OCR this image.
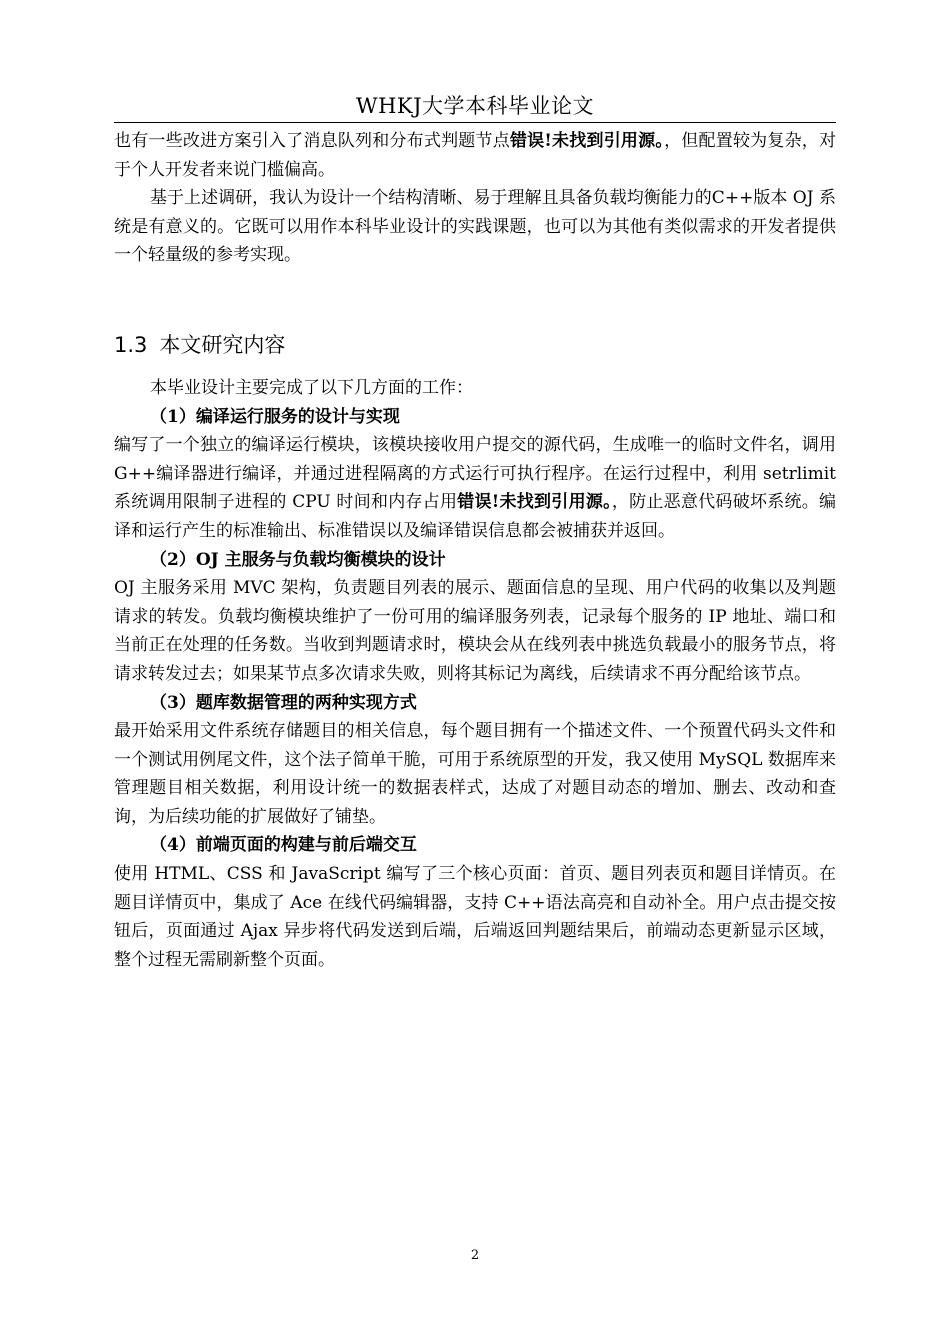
WHKJ大学本科毕业论文

也有一些改进方案引入了消息队列和分布式判题节点错误!未找到引用源。，但配置较为复杂，对于个人开发者来说门槛偏高。

基于上述调研，我认为设计一个结构清晰、易于理解且具备负载均衡能力的C++版本 OJ 系统是有意义的。它既可以用作本科毕业设计的实践课题，也可以为其他有类似需求的开发者提供一个轻量级的参考实现。

1.3 本文研究内容

本毕业设计主要完成了以下几方面的工作：

（1）编译运行服务的设计与实现

编写了一个独立的编译运行模块，该模块接收用户提交的源代码，生成唯一的临时文件名，调用 G++编译器进行编译，并通过进程隔离的方式运行可执行程序。在运行过程中，利用 setrlimit 系统调用限制子进程的 CPU 时间和内存占用错误!未找到引用源。，防止恶意代码破坏系统。编译和运行产生的标准输出、标准错误以及编译错误信息都会被捕获并返回。

（2）OJ 主服务与负载均衡模块的设计

OJ 主服务采用 MVC 架构，负责题目列表的展示、题面信息的呈现、用户代码的收集以及判题请求的转发。负载均衡模块维护了一份可用的编译服务列表，记录每个服务的 IP 地址、端口和当前正在处理的任务数。当收到判题请求时，模块会从在线列表中挑选负载最小的服务节点，将请求转发过去；如果某节点多次请求失败，则将其标记为离线，后续请求不再分配给该节点。

（3）题库数据管理的两种实现方式

最开始采用文件系统存储题目的相关信息，每个题目拥有一个描述文件、一个预置代码头文件和一个测试用例尾文件，这个法子简单干脆，可用于系统原型的开发，我又使用 MySQL 数据库来管理题目相关数据，利用设计统一的数据表样式，达成了对题目动态的增加、删去、改动和查询，为后续功能的扩展做好了铺垫。

（4）前端页面的构建与前后端交互

使用 HTML、CSS 和 JavaScript 编写了三个核心页面：首页、题目列表页和题目详情页。在题目详情页中，集成了 Ace 在线代码编辑器，支持 C++语法高亮和自动补全。用户点击提交按钮后，页面通过 Ajax 异步将代码发送到后端，后端返回判题结果后，前端动态更新显示区域，整个过程无需刷新整个页面。

2
